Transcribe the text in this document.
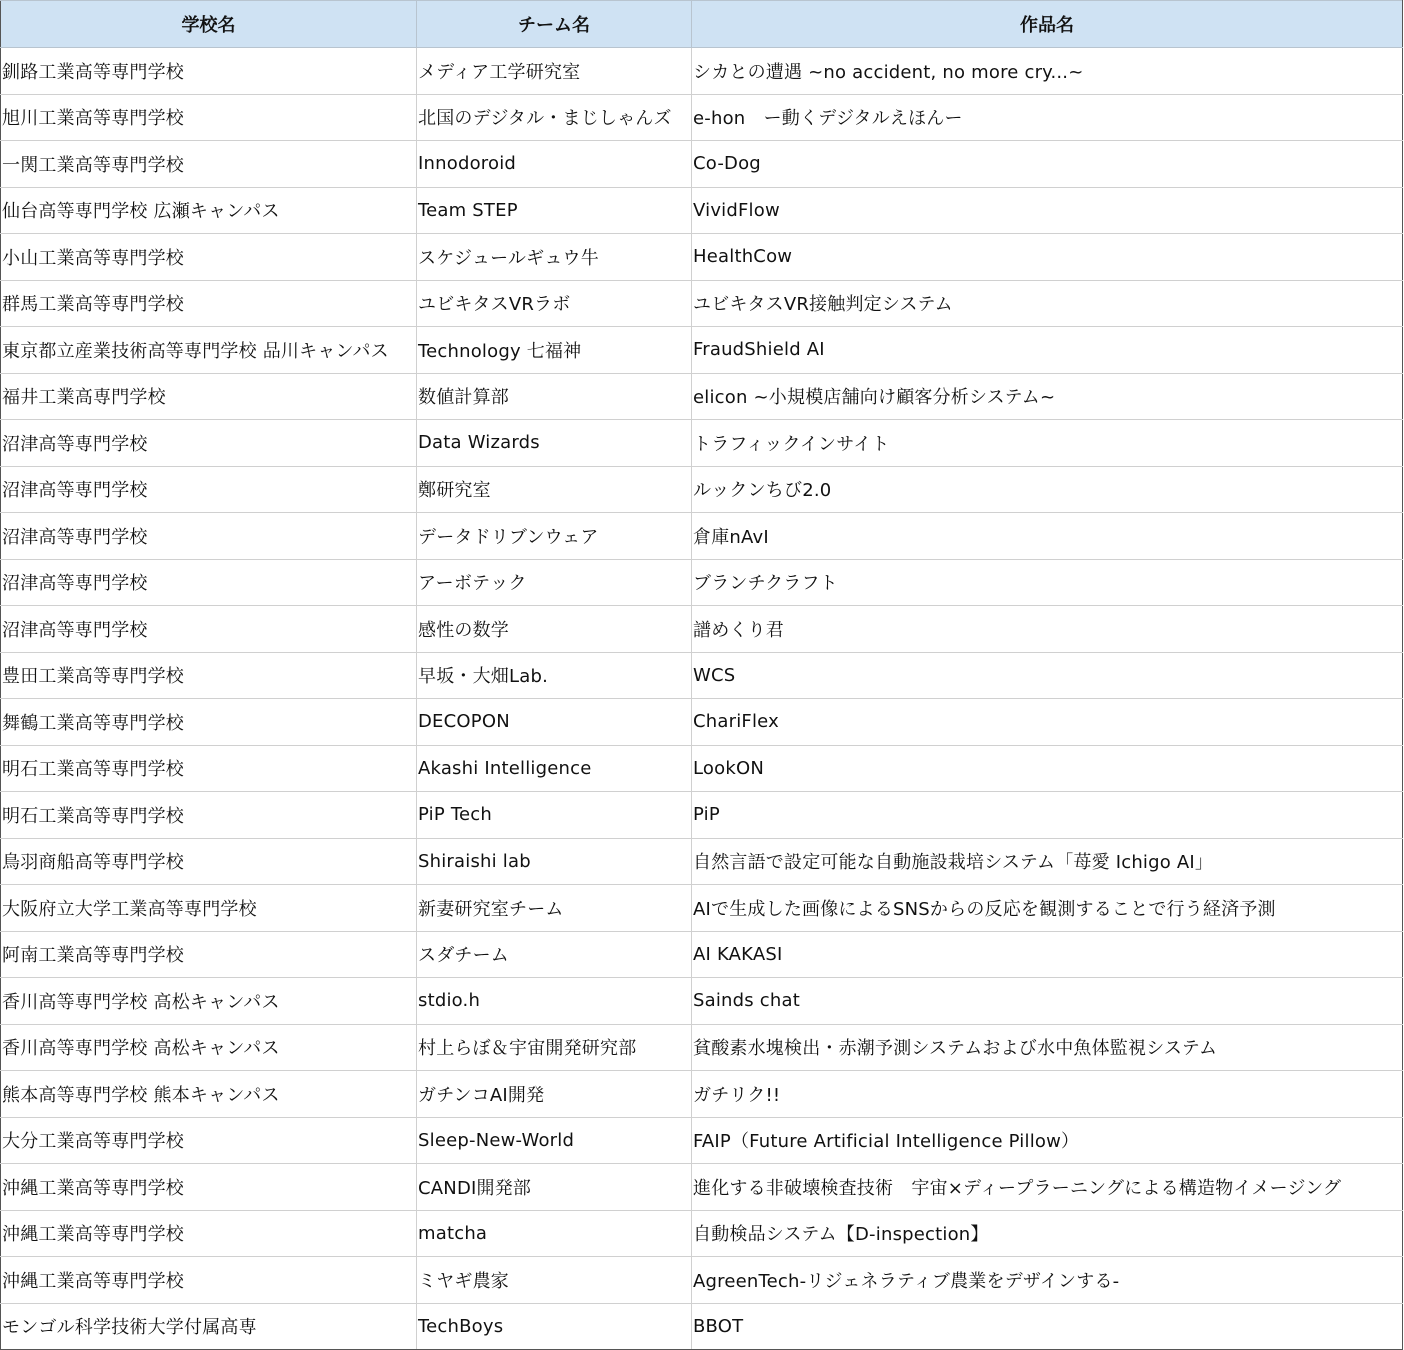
学校名	チーム名	作品名
釧路工業高等専門学校	メディア工学研究室	シカとの遭遇 ~no accident, no more cry...~
旭川工業高等専門学校	北国のデジタル・まじしゃんズ	e-hon　ー動くデジタルえほんー
一関工業高等専門学校	Innodoroid	Co-Dog
仙台高等専門学校 広瀬キャンパス	Team STEP	VividFlow
小山工業高等専門学校	スケジュールギュウ牛	HealthCow
群馬工業高等専門学校	ユビキタスVRラボ	ユビキタスVR接触判定システム
東京都立産業技術高等専門学校 品川キャンパス	Technology 七福神	FraudShield AI
福井工業高専門学校	数値計算部	elicon ~小規模店舗向け顧客分析システム~
沼津高等専門学校	Data Wizards	トラフィックインサイト
沼津高等専門学校	鄭研究室	ルックンちび2.0
沼津高等専門学校	データドリブンウェア	倉庫nAvI
沼津高等専門学校	アーボテック	ブランチクラフト
沼津高等専門学校	感性の数学	譜めくり君
豊田工業高等専門学校	早坂・大畑Lab.	WCS
舞鶴工業高等専門学校	DECOPON	ChariFlex
明石工業高等専門学校	Akashi Intelligence	LookON
明石工業高等専門学校	PiP Tech	PiP
鳥羽商船高等専門学校	Shiraishi lab	自然言語で設定可能な自動施設栽培システム「苺愛 Ichigo AI」
大阪府立大学工業高等専門学校	新妻研究室チーム	AIで生成した画像によるSNSからの反応を観測することで行う経済予測
阿南工業高等専門学校	スダチーム	AI KAKASI
香川高等専門学校 高松キャンパス	stdio.h	Sainds chat
香川高等専門学校 高松キャンパス	村上らぼ＆宇宙開発研究部	貧酸素水塊検出・赤潮予測システムおよび水中魚体監視システム
熊本高等専門学校 熊本キャンパス	ガチンコAI開発	ガチリク!!
大分工業高等専門学校	Sleep-New-World	FAIP（Future Artificial Intelligence Pillow）
沖縄工業高等専門学校	CANDI開発部	進化する非破壊検査技術　宇宙×ディープラーニングによる構造物イメージング
沖縄工業高等専門学校	matcha	自動検品システム【D-inspection】
沖縄工業高等専門学校	ミヤギ農家	AgreenTech-リジェネラティブ農業をデザインする-
モンゴル科学技術大学付属高専	TechBoys	BBOT
